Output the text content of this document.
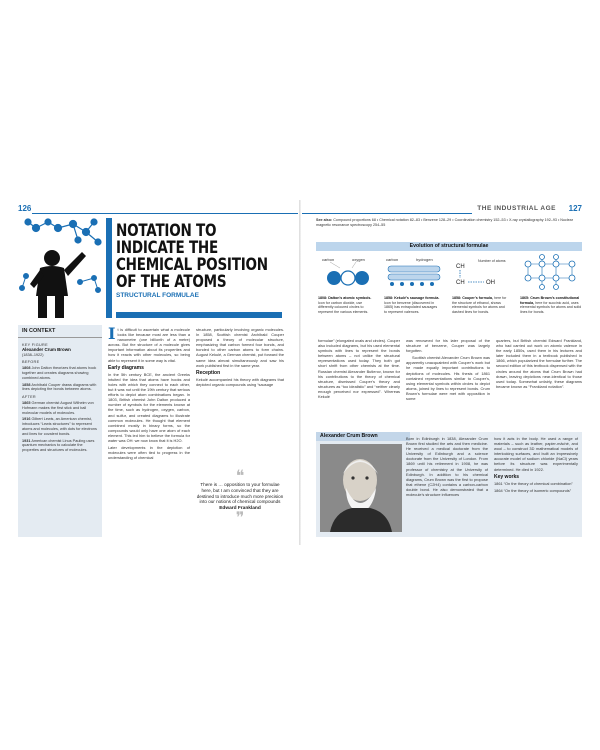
126	THE INDUSTRIAL AGE 127
NOTATION TO
INDICATE THE
CHEMICAL POSITION
OF THE ATOMS
STRUCTURAL FORMULAE
IN CONTEXT
KEY FIGURE
Alexander Crum Brown
(1838–1922)
BEFORE
1808 John Dalton theorizes that atoms hook together and creates diagrams showing combined atoms.
1858 Archibald Couper draws diagrams with lines depicting the bonds between atoms.
AFTER
1865 German chemist August Wilhelm von Hofmann makes the first stick and ball molecular models of molecules.
1916 Gilbert Lewis, an American chemist, introduces “Lewis structures” to represent atoms and molecules, with dots for electrons and lines for covalent bonds.
1931 American chemist Linus Pauling uses quantum mechanics to calculate the properties and structures of molecules.

It is difficult to ascertain what a molecule looks like because most are less than a nanometre (one billionth of a metre) across. But the structure of a molecule gives important information about its properties and how it reacts with other molecules, so being able to represent it in some way is vital.

Early diagrams

In the 5th century BCE, the ancient Greeks intuited the idea that atoms have hooks and holes with which they connect to each other, but it was not until the 19th century that serious efforts to depict atom combinations began. In 1803, British chemist John Dalton produced a number of symbols for the elements known at the time, such as hydrogen, oxygen, carbon, and sulfur, and created diagrams to illustrate common molecules. He thought that element combined mostly in binary forms, so the compounds would only have one atom of each element. This led him to believe the formula for water was OH: we now know that it is H2O.

Later developments in the depiction of molecules were often tied to progress in the understanding of chemical

structure, particularly involving organic molecules. In 1858, Scottish chemist Archibald Couper proposed a theory of molecular structure, emphasizing that carbon formed four bonds, and bonded to other carbon atoms to form chains. August Kekulé, a German chemist, put forward the same idea almost simultaneously and saw his work published first in the same year.

Reception

Kekulé accompanied his theory with diagrams that depicted organic compounds using “sausage

❝
There is … opposition to your formulae here, but I am convinced that they are destined to introduce much more precision into our notions of chemical compounds
Edward Frankland
❞
See also: Compound proportions 68 • Chemical notation 82–83 • Benzene 128–29 • Coordination chemistry 152–53 • X-ray crystallography 192–93 • Nuclear magnetic resonance spectroscopy 254–55
Evolution of structural formulae
carbon	oxygen	carbon	hydrogen
CH
CH	OH
Number of atoms
1808: Dalton’s atomic symbols. Icon for carbon dioxide, use differently coloured circles to represent the various elements.
1858: Kekulé’s sausage formula. Icon for benzene (discovered in 1865) has extrapolated sausages to represent valences.
1858: Couper’s formula, here for the structure of ethanol, shows elemental symbols for atoms and dashed lines for bonds.
1865: Crum Brown’s constitutional formula, here for succinic acid, uses elemental symbols for atoms and solid lines for bonds.

formulae” (elongated ovals and circles). Couper also included diagrams, but his used elemental symbols with lines to represent the bonds between atoms – not unlike the structural representations used today. They both got short shrift from other chemists at the time. Russian chemist Alexander Butlerov, known for his contributions to the theory of chemical structure, dismissed Couper’s theory and structures as “too idealistic” and “neither clearly enough perceived nor expressed”. Whereas Kekulé

was renowned for his later proposal of the structure of benzene, Couper was largely forgotten.

Scottish chemist Alexander Crum Brown was apparently unacquainted with Couper’s work but he made equally important contributions to depictions of molecules. His thesis of 1861 contained representations similar to Couper’s, using elemental symbols within circles to depict atoms, joined by lines to represent bonds. Crum Brown’s formulae were met with opposition in some

quarters, but British chemist Edward Frankland, who had carried out work on atomic valence in the early 1850s, used them in his lectures and later included them in a textbook published in 1866, which popularized the formulae further. The second edition of this textbook dispensed with the circles around the atoms that Crum Brown had drawn, leaving depictions near-identical to those used today. Somewhat unfairly, these diagrams became known as “Frankland notation”.

Alexander Crum Brown	Born in Edinburgh in 1838, Alexander Crum Brown first studied the arts and then medicine. He received a medical doctorate from the University of Edinburgh and a science doctorate from the University of London. From 1869 until his retirement in 1908, he was professor of chemistry at the University of Edinburgh. In addition to his chemical diagrams, Crum Brown was the first to propose that ethene (C2H4) contains a carbon-carbon double bond. He also demonstrated that a molecule’s structure influences

how it acts in the body. He used a range of materials – such as leather, papier-mâché, and wool – to construct 3D mathematical models of interlocking surfaces, and built an impressively accurate model of sodium chloride (NaCl) years before its structure was experimentally determined. He died in 1922.

Key works

1861 “On the theory of chemical combination”

1864 “On the theory of isomeric compounds”
